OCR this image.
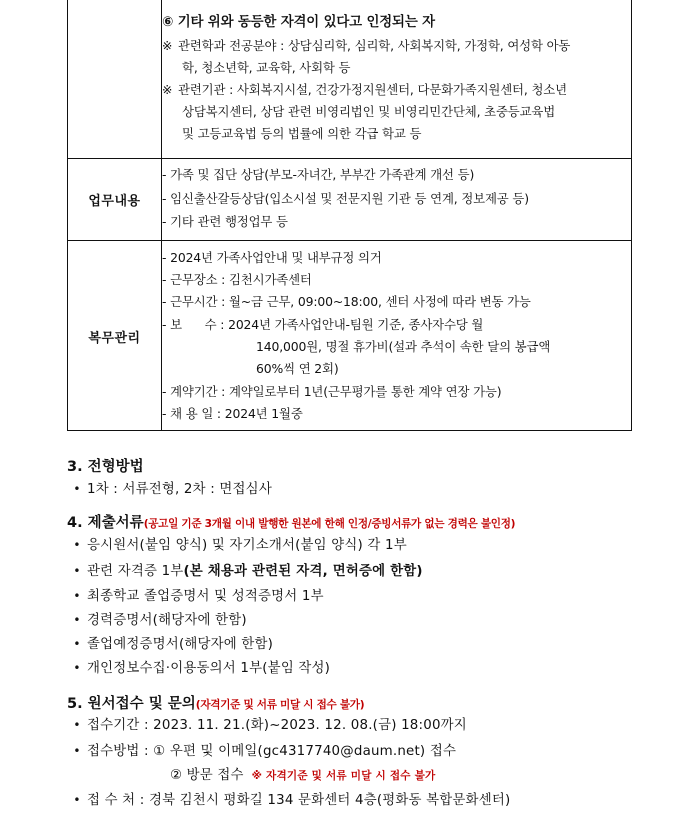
⑥ 기타 위와 동등한 자격이 있다고 인정되는 자
※ 관련학과 전공분야 : 상담심리학, 심리학, 사회복지학, 가정학, 여성학 아동
학, 청소년학, 교육학, 사회학 등
※ 관련기관 : 사회복지시설, 건강가정지원센터, 다문화가족지원센터, 청소년
상담복지센터, 상담 관련 비영리법인 및 비영리민간단체, 초중등교육법
및 고등교육법 등의 법률에 의한 각급 학교 등
업무내용
- 가족 및 집단 상담(부모-자녀간, 부부간 가족관계 개선 등)
- 임신출산갈등상담(입소시설 및 전문지원 기관 등 연계, 정보제공 등)
- 기타 관련 행정업무 등
복무관리
- 2024년 가족사업안내 및 내부규정 의거
- 근무장소 : 김천시가족센터
- 근무시간 : 월~금 근무, 09:00~18:00, 센터 사정에 따라 변동 가능
- 보      수 : 2024년 가족사업안내-팀원 기준, 종사자수당 월
140,000원, 명절 휴가비(설과 추석이 속한 달의 봉급액
60%씩 연 2회)
- 계약기간 : 계약일로부터 1년(근무평가를 통한 계약 연장 가능)
- 채 용 일 : 2024년 1월중
3. 전형방법
• 1차 : 서류전형, 2차 : 면접심사
4. 제출서류(공고일 기준 3개월 이내 발행한 원본에 한해 인정/증빙서류가 없는 경력은 불인정)
• 응시원서(붙임 양식) 및 자기소개서(붙임 양식) 각 1부
• 관련 자격증 1부(본 채용과 관련된 자격, 면허증에 한함)
• 최종학교 졸업증명서 및 성적증명서 1부
• 경력증명서(해당자에 한함)
• 졸업예정증명서(해당자에 한함)
• 개인정보수집·이용동의서 1부(붙임 작성)
5. 원서접수 및 문의(자격기준 및 서류 미달 시 접수 불가)
• 접수기간 : 2023. 11. 21.(화)~2023. 12. 08.(금) 18:00까지
• 접수방법 : ① 우편 및 이메일(gc4317740@daum.net) 접수
② 방문 접수 ※ 자격기준 및 서류 미달 시 접수 불가
• 접 수 처 : 경북 김천시 평화길 134 문화센터 4층(평화동 복합문화센터)
